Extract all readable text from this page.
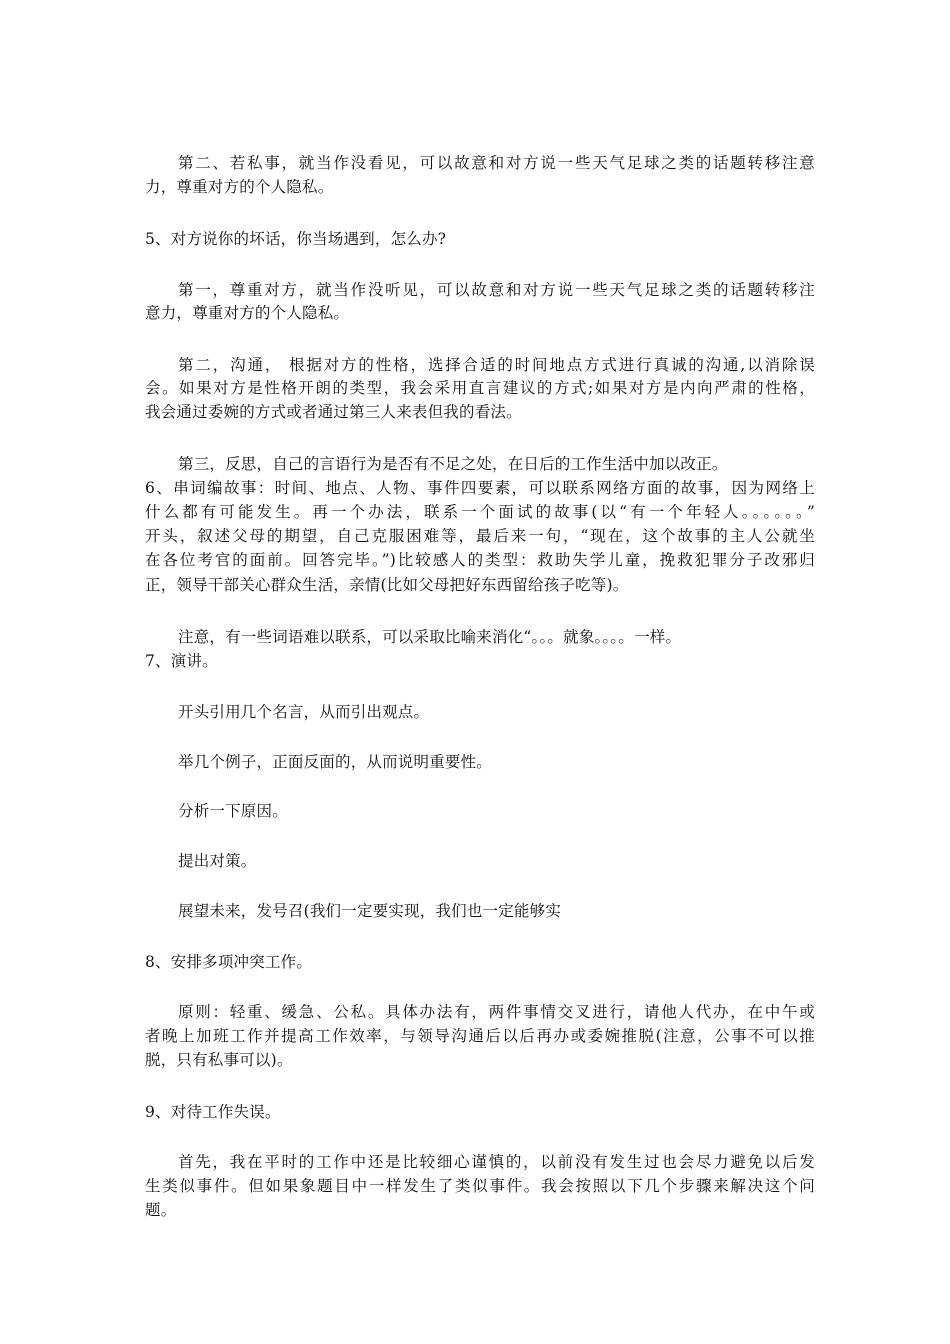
第二、若私事，就当作没看见，可以故意和对方说一些天气足球之类的话题转移注意
力，尊重对方的个人隐私。
5、对方说你的坏话，你当场遇到，怎么办?
第一，尊重对方，就当作没听见，可以故意和对方说一些天气足球之类的话题转移注
意力，尊重对方的个人隐私。
第二，沟通， 根据对方的性格，选择合适的时间地点方式进行真诚的沟通,以消除误
会。如果对方是性格开朗的类型，我会采用直言建议的方式;如果对方是内向严肃的性格，
我会通过委婉的方式或者通过第三人来表但我的看法。
第三，反思，自己的言语行为是否有不足之处，在日后的工作生活中加以改正。
6、串词编故事：时间、地点、人物、事件四要素，可以联系网络方面的故事，因为网络上
什么都有可能发生。再一个办法，联系一个面试的故事(以“有一个年轻人。。。。。。”
开头，叙述父母的期望，自己克服困难等，最后来一句，“现在，这个故事的主人公就坐
在各位考官的面前。回答完毕。”)比较感人的类型：救助失学儿童，挽救犯罪分子改邪归
正，领导干部关心群众生活，亲情(比如父母把好东西留给孩子吃等)。
注意，有一些词语难以联系，可以采取比喻来消化“。。。就象。。。。一样。
7、演讲。
开头引用几个名言，从而引出观点。
举几个例子，正面反面的，从而说明重要性。
分析一下原因。
提出对策。
展望未来，发号召(我们一定要实现，我们也一定能够实
8、安排多项冲突工作。
原则：轻重、缓急、公私。具体办法有，两件事情交叉进行，请他人代办，在中午或
者晚上加班工作并提高工作效率，与领导沟通后以后再办或委婉推脱(注意，公事不可以推
脱，只有私事可以)。
9、对待工作失误。
首先，我在平时的工作中还是比较细心谨慎的，以前没有发生过也会尽力避免以后发
生类似事件。但如果象题目中一样发生了类似事件。我会按照以下几个步骤来解决这个问
题。
